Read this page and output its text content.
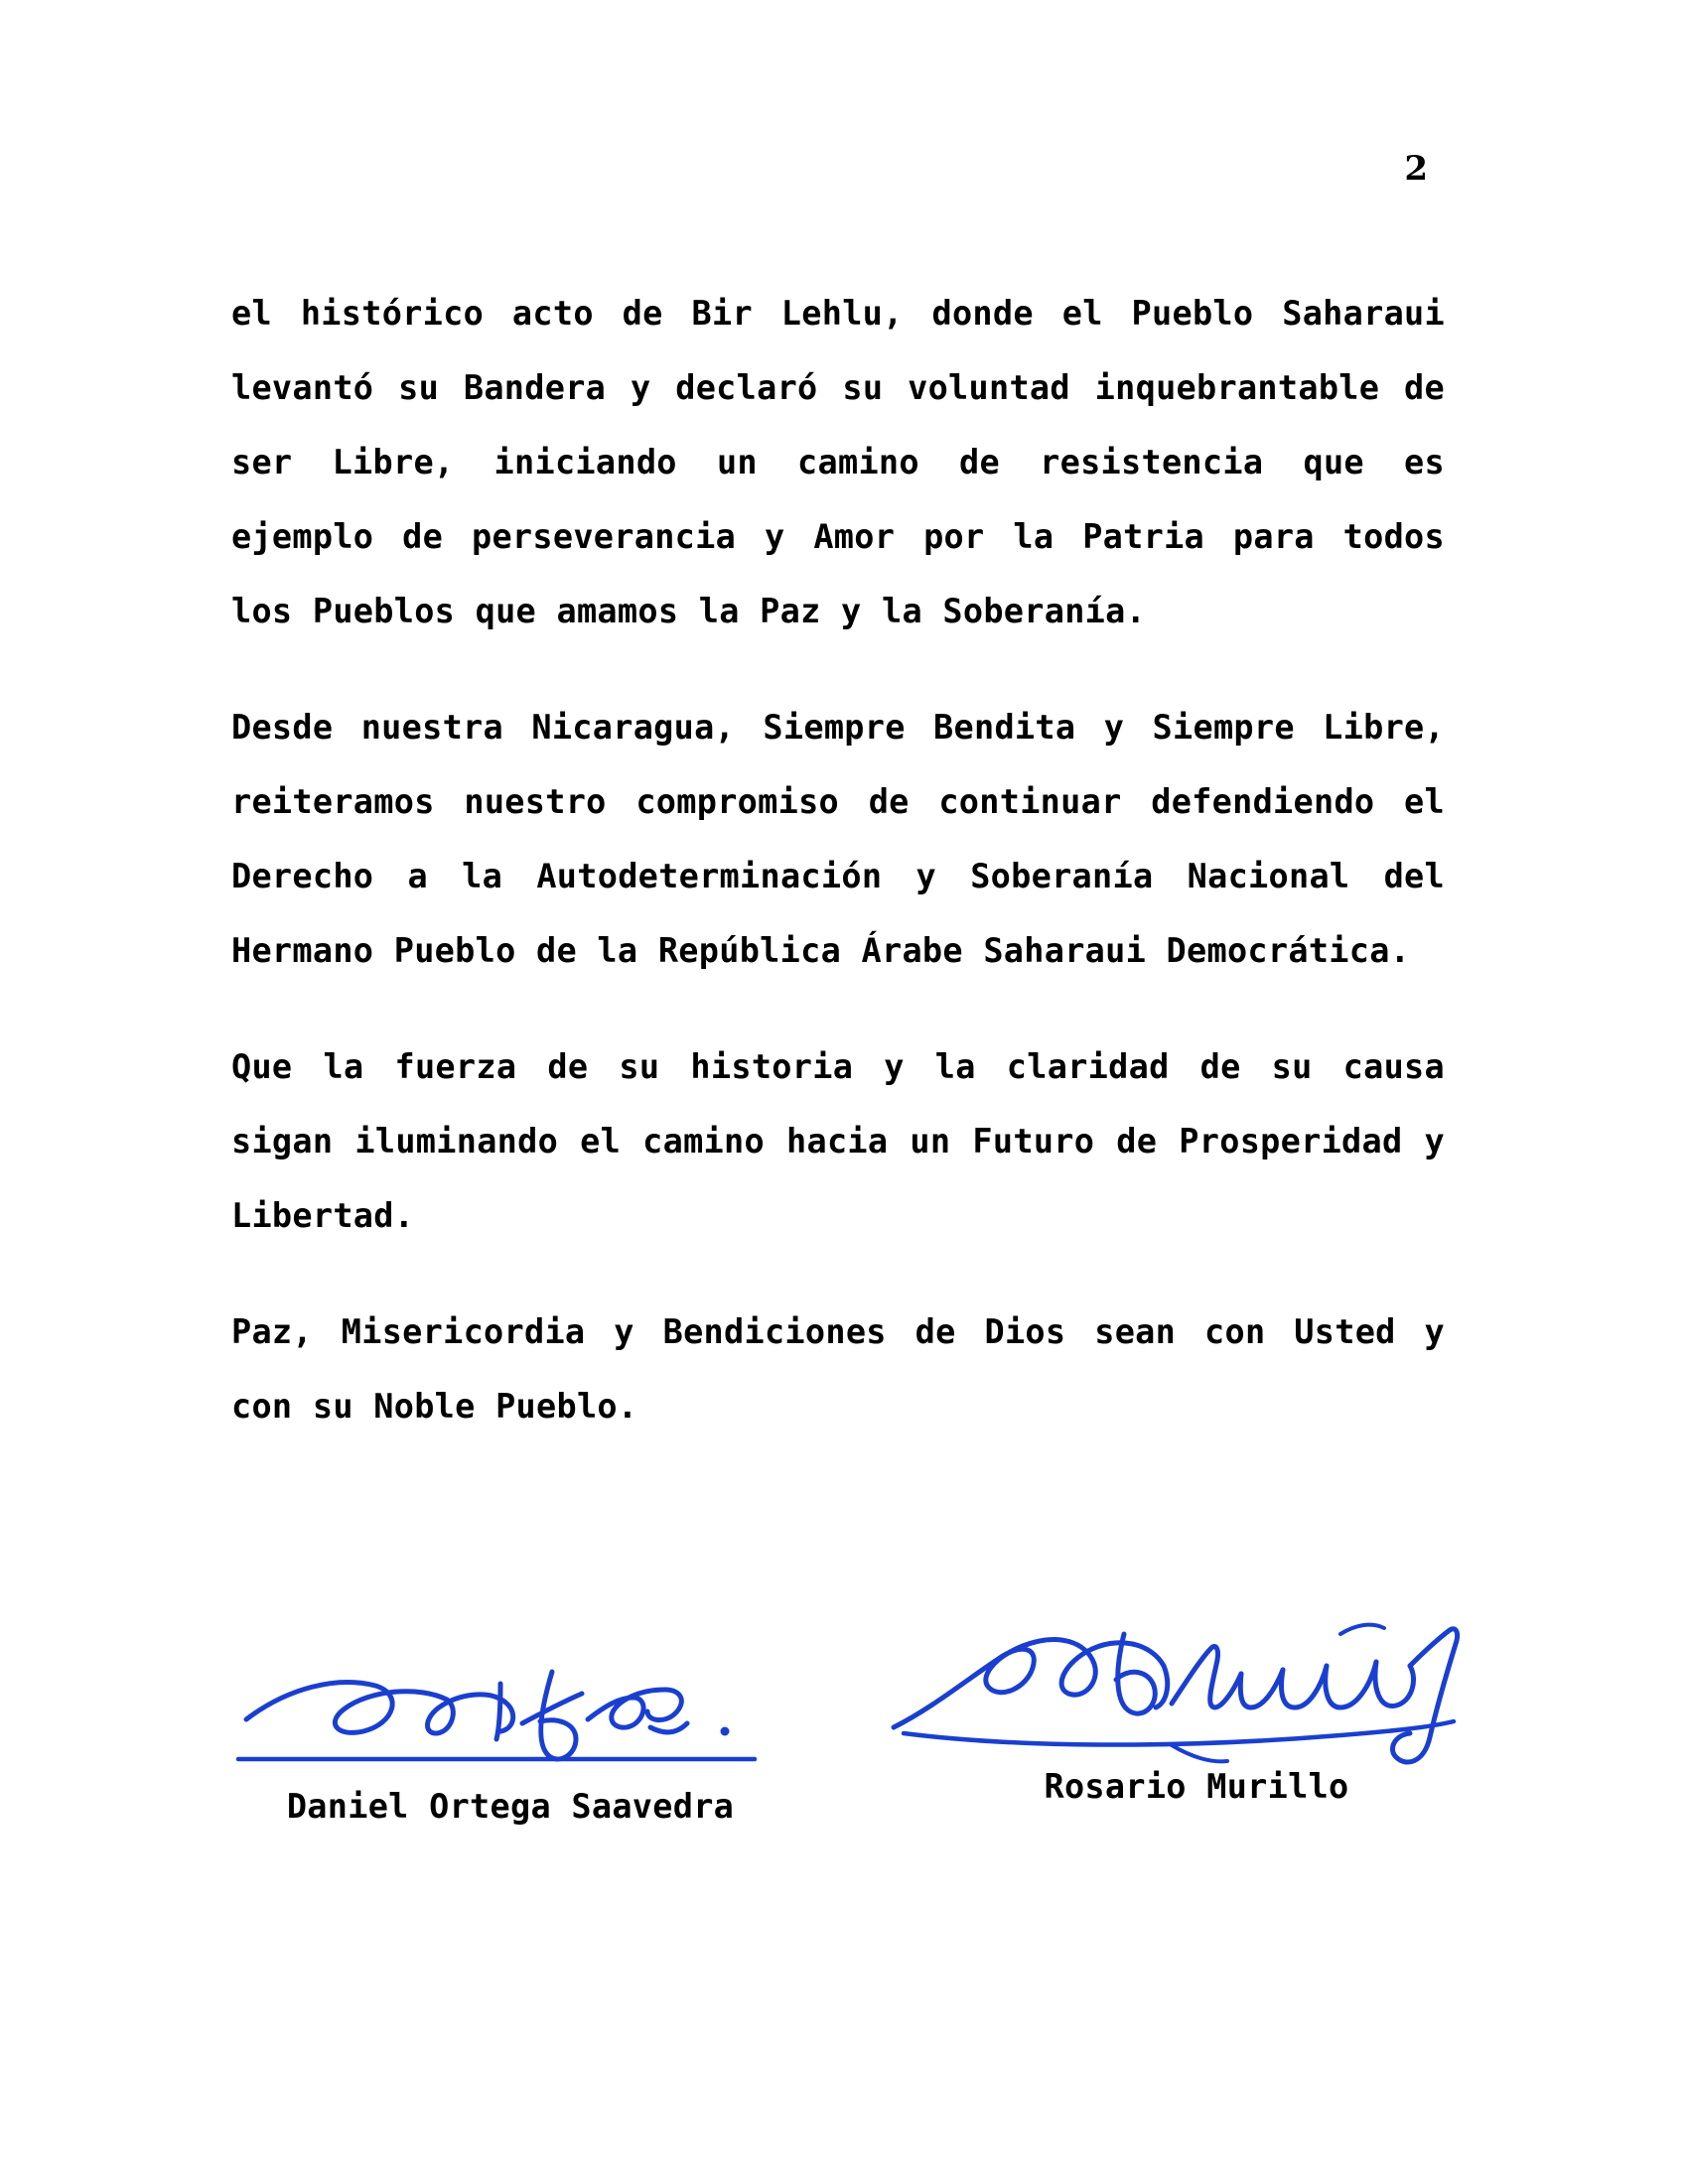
2

el histórico acto de Bir Lehlu, donde el Pueblo Saharaui levantó su Bandera y declaró su voluntad inquebrantable de ser Libre, iniciando un camino de resistencia que es ejemplo de perseverancia y Amor por la Patria para todos los Pueblos que amamos la Paz y la Soberanía.

Desde nuestra Nicaragua, Siempre Bendita y Siempre Libre, reiteramos nuestro compromiso de continuar defendiendo el Derecho a la Autodeterminación y Soberanía Nacional del Hermano Pueblo de la República Árabe Saharaui Democrática.

Que la fuerza de su historia y la claridad de su causa sigan iluminando el camino hacia un Futuro de Prosperidad y Libertad.

Paz, Misericordia y Bendiciones de Dios sean con Usted y con su Noble Pueblo.

Daniel Ortega Saavedra
Rosario Murillo
